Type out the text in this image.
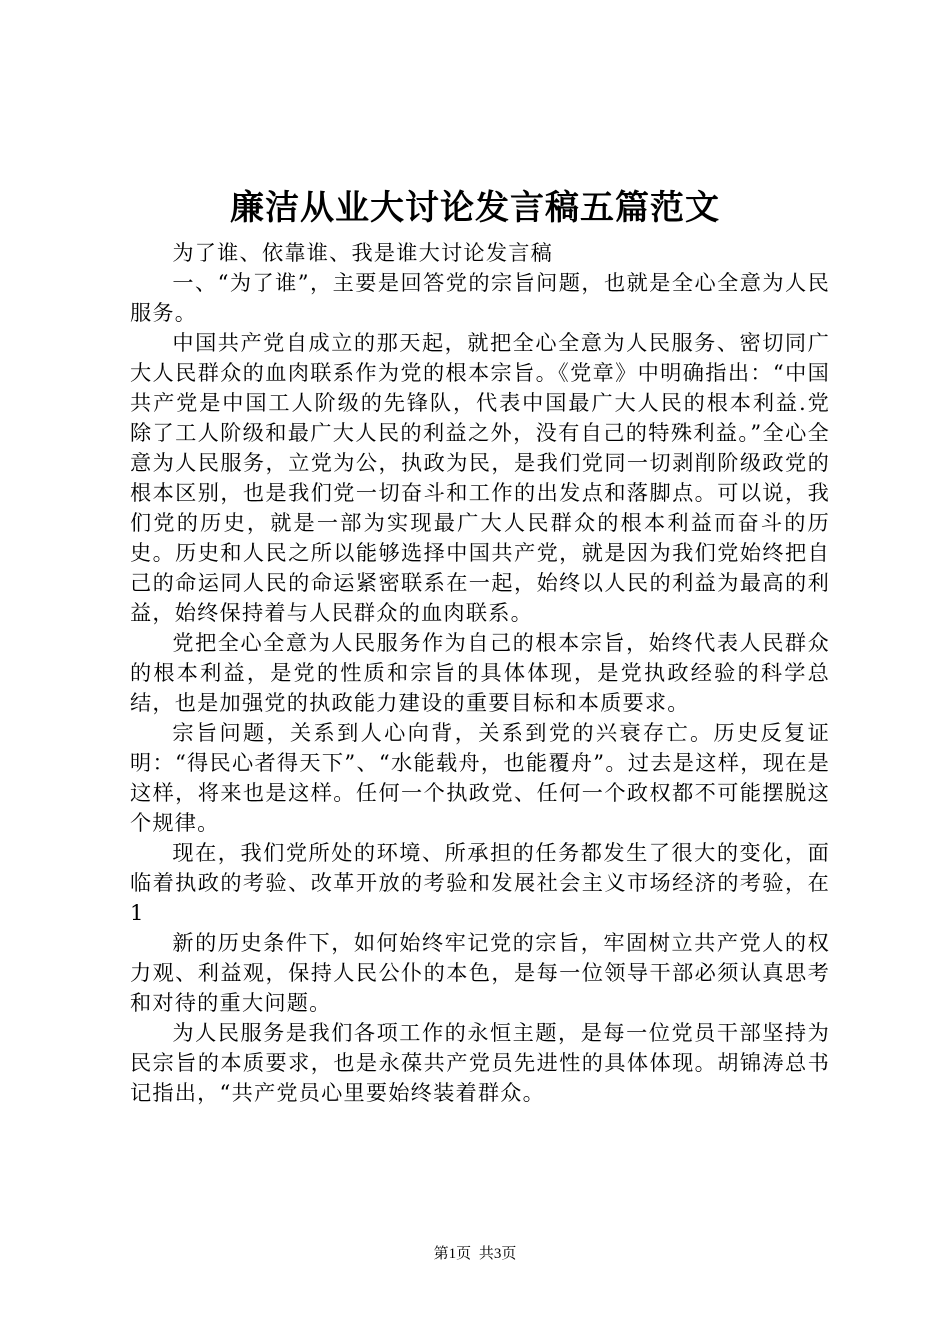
廉洁从业大讨论发言稿五篇范文

为了谁、依靠谁、我是谁大讨论发言稿

一、“为了谁”，主要是回答党的宗旨问题，也就是全心全意为人民服务。

中国共产党自成立的那天起，就把全心全意为人民服务、密切同广大人民群众的血肉联系作为党的根本宗旨。《党章》中明确指出：“中国共产党是中国工人阶级的先锋队，代表中国最广大人民的根本利益.党除了工人阶级和最广大人民的利益之外，没有自己的特殊利益。”全心全意为人民服务，立党为公，执政为民，是我们党同一切剥削阶级政党的根本区别，也是我们党一切奋斗和工作的出发点和落脚点。可以说，我们党的历史，就是一部为实现最广大人民群众的根本利益而奋斗的历史。历史和人民之所以能够选择中国共产党，就是因为我们党始终把自己的命运同人民的命运紧密联系在一起，始终以人民的利益为最高的利益，始终保持着与人民群众的血肉联系。

党把全心全意为人民服务作为自己的根本宗旨，始终代表人民群众的根本利益，是党的性质和宗旨的具体体现，是党执政经验的科学总结，也是加强党的执政能力建设的重要目标和本质要求。

宗旨问题，关系到人心向背，关系到党的兴衰存亡。历史反复证明：“得民心者得天下”、“水能载舟，也能覆舟”。过去是这样，现在是这样，将来也是这样。任何一个执政党、任何一个政权都不可能摆脱这个规律。

现在，我们党所处的环境、所承担的任务都发生了很大的变化，面临着执政的考验、改革开放的考验和发展社会主义市场经济的考验，在1

新的历史条件下，如何始终牢记党的宗旨，牢固树立共产党人的权力观、利益观，保持人民公仆的本色，是每一位领导干部必须认真思考和对待的重大问题。

为人民服务是我们各项工作的永恒主题，是每一位党员干部坚持为民宗旨的本质要求，也是永葆共产党员先进性的具体体现。胡锦涛总书记指出，“共产党员心里要始终装着群众。

第1页 共3页
